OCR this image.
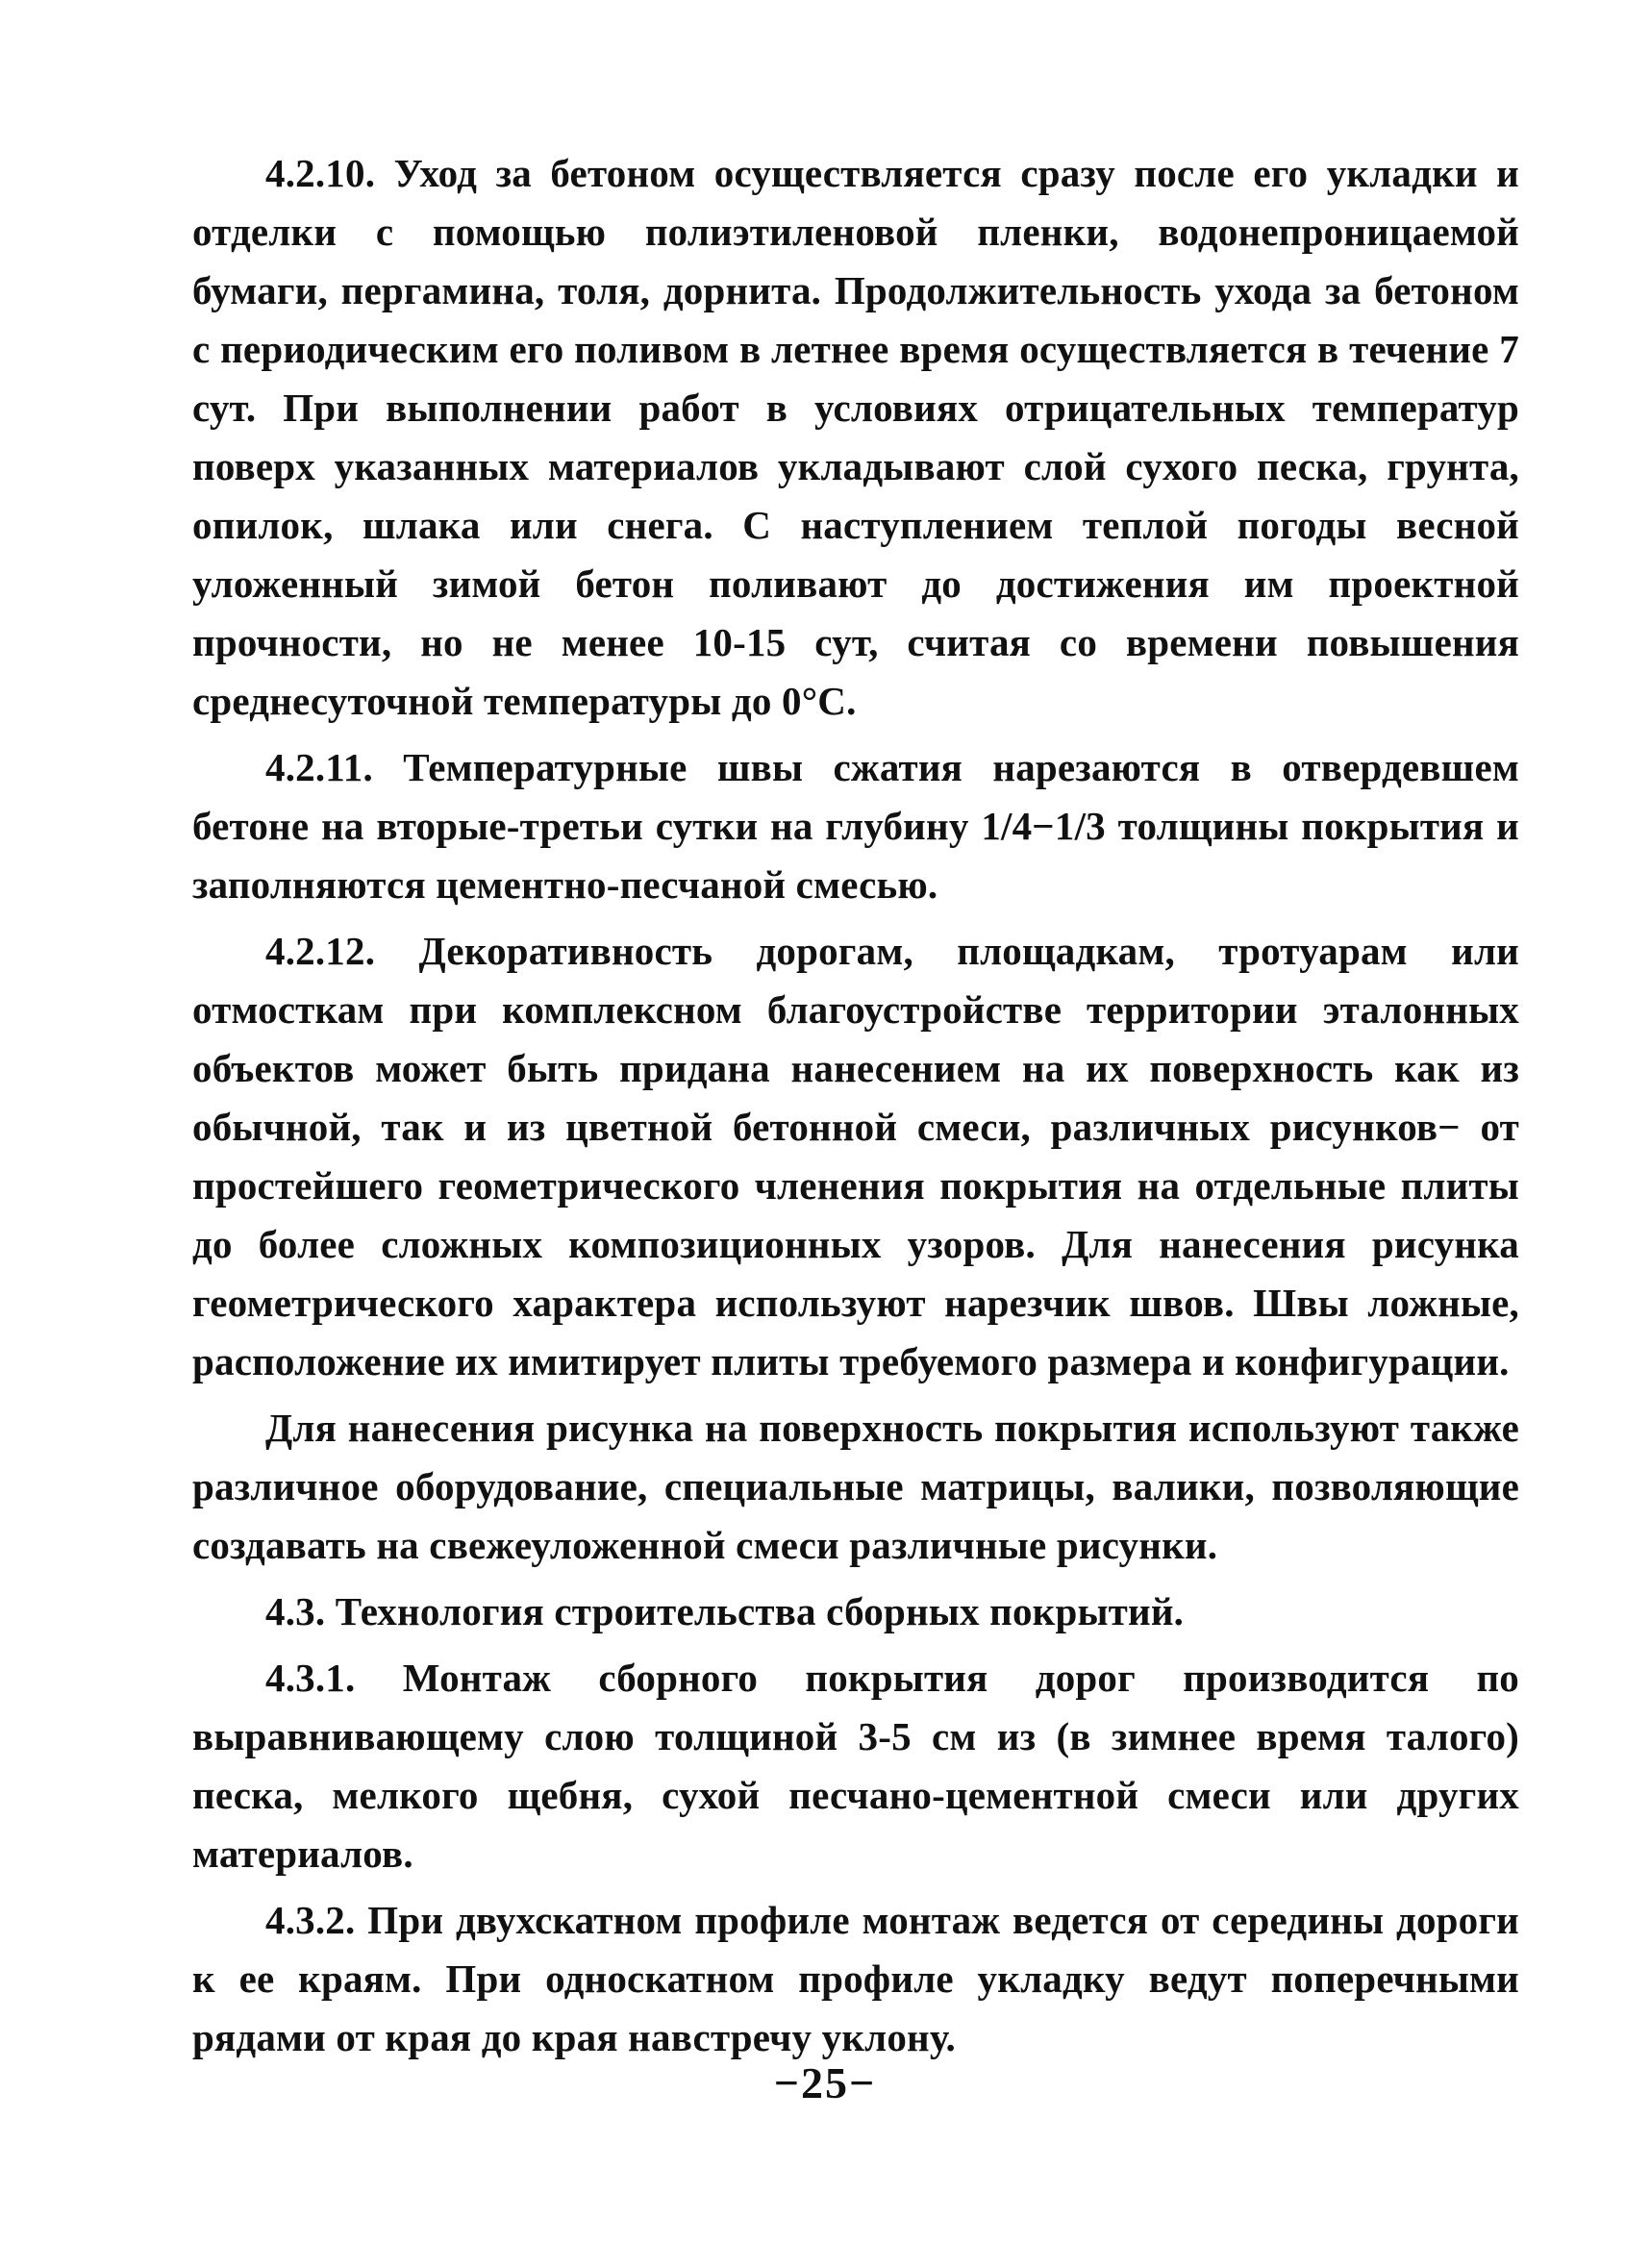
4.2.10. Уход за бетоном осуществляется сразу после его укладки и отделки с помощью полиэтиленовой пленки, водонепроницаемой бумаги, пергамина, толя, дорнита. Продолжительность ухода за бетоном с периодическим его поливом в летнее время осуществляется в течение 7 сут. При выполнении работ в условиях отрицательных температур поверх указанных материалов укладывают слой сухого песка, грунта, опилок, шлака или снега. С наступлением теплой погоды весной уложенный зимой бетон поливают до достижения им проектной прочности, но не менее 10-15 сут, считая со времени повышения среднесуточной температуры до 0°С.

4.2.11. Температурные швы сжатия нарезаются в отвердевшем бетоне на вторые-третьи сутки на глубину 1/4−1/3 толщины покрытия и заполняются цементно-песчаной смесью.

4.2.12. Декоративность дорогам, площадкам, тротуарам или отмосткам при комплексном благоустройстве территории эталонных объектов может быть придана нанесением на их поверхность как из обычной, так и из цветной бетонной смеси, различных рисунков− от простейшего геометрического членения покрытия на отдельные плиты до более сложных композиционных узоров. Для нанесения рисунка геометрического характера используют нарезчик швов. Швы ложные, расположение их имитирует плиты требуемого размера и конфигурации.

Для нанесения рисунка на поверхность покрытия используют также различное оборудование, специальные матрицы, валики, позволяющие создавать на свежеуложенной смеси различные рисунки.

4.3. Технология строительства сборных покрытий.

4.3.1. Монтаж сборного покрытия дорог производится по выравнивающему слою толщиной 3-5 см из (в зимнее время талого) песка, мелкого щебня, сухой песчано-цементной смеси или других материалов.

4.3.2. При двухскатном профиле монтаж ведется от середины дороги к ее краям. При односкатном профиле укладку ведут поперечными рядами от края до края навстречу уклону.

−25−
